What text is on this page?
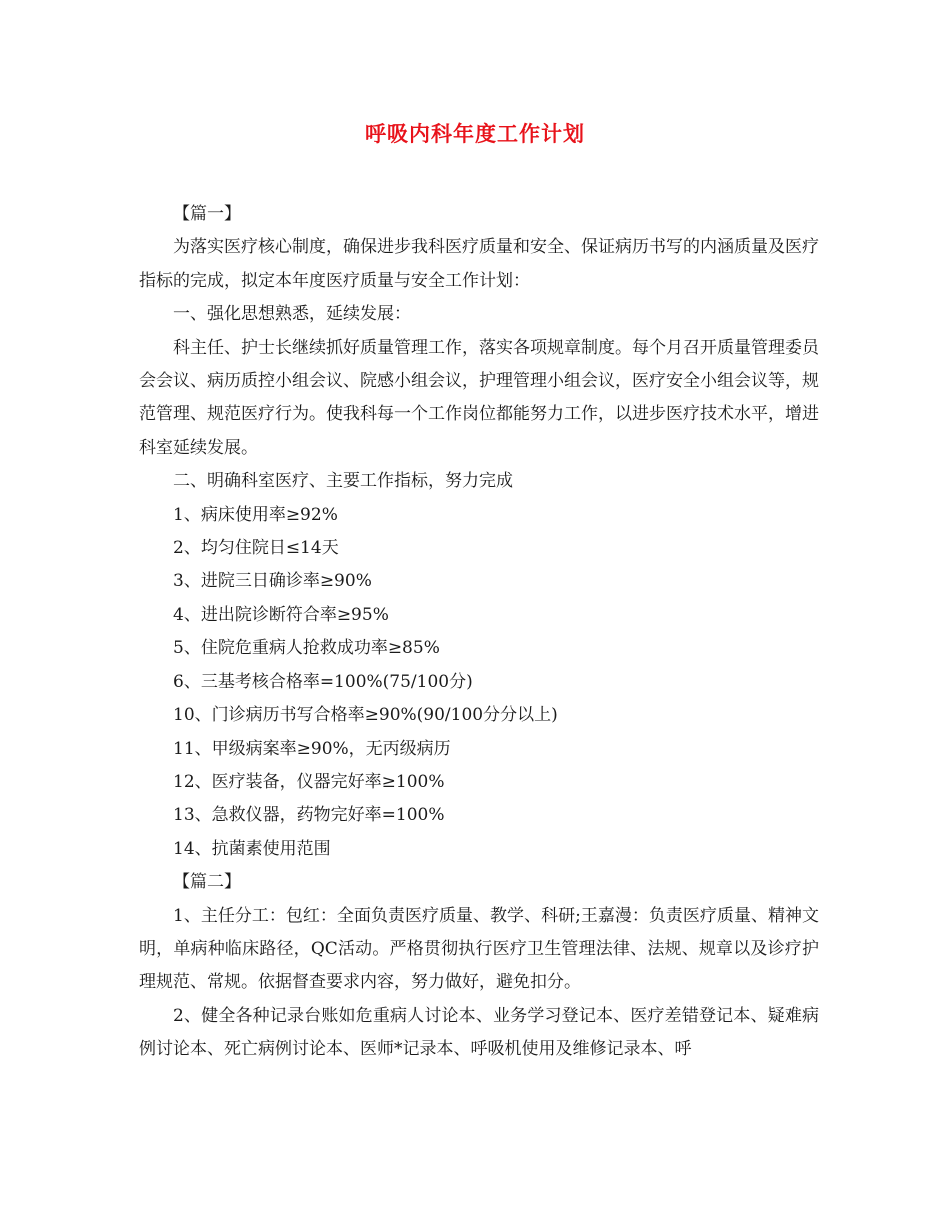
呼吸内科年度工作计划

【篇一】

为落实医疗核心制度，确保进步我科医疗质量和安全、保证病历书写的内涵质量及医疗指标的完成，拟定本年度医疗质量与安全工作计划：

一、强化思想熟悉，延续发展：

科主任、护士长继续抓好质量管理工作，落实各项规章制度。每个月召开质量管理委员会会议、病历质控小组会议、院感小组会议，护理管理小组会议，医疗安全小组会议等，规范管理、规范医疗行为。使我科每一个工作岗位都能努力工作，以进步医疗技术水平，增进科室延续发展。

二、明确科室医疗、主要工作指标，努力完成

1、病床使用率≥92%

2、均匀住院日≤14天

3、进院三日确诊率≥90%

4、进出院诊断符合率≥95%

5、住院危重病人抢救成功率≥85%

6、三基考核合格率=100%(75/100分)

10、门诊病历书写合格率≥90%(90/100分分以上)

11、甲级病案率≥90%，无丙级病历

12、医疗装备，仪器完好率≥100%

13、急救仪器，药物完好率=100%

14、抗菌素使用范围

【篇二】

1、主任分工：包红：全面负责医疗质量、教学、科研;王嘉漫：负责医疗质量、精神文明，单病种临床路径，QC活动。严格贯彻执行医疗卫生管理法律、法规、规章以及诊疗护理规范、常规。依据督查要求内容，努力做好，避免扣分。

2、健全各种记录台账如危重病人讨论本、业务学习登记本、医疗差错登记本、疑难病例讨论本、死亡病例讨论本、医师*记录本、呼吸机使用及维修记录本、呼
